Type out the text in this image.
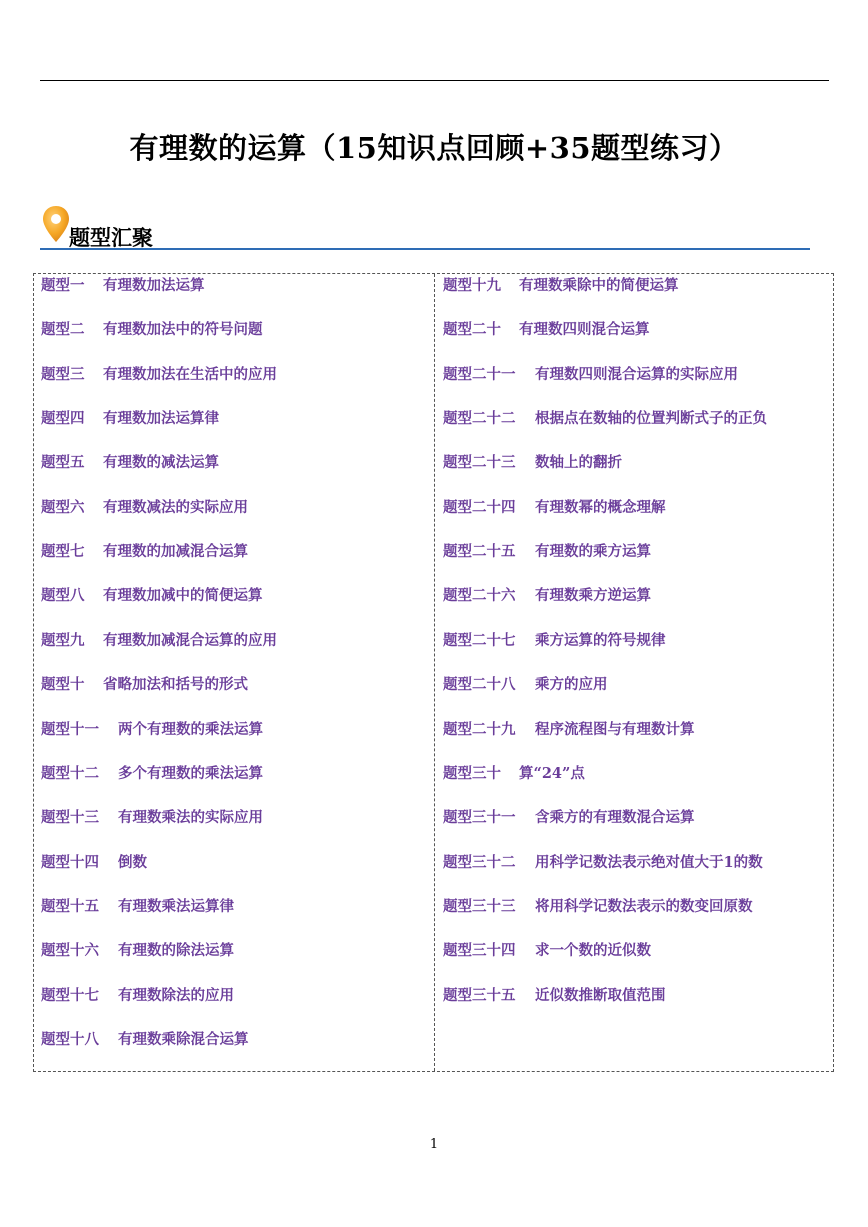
有理数的运算（15知识点回顾+35题型练习）
题型汇聚
题型一 有理数加法运算
题型二 有理数加法中的符号问题
题型三 有理数加法在生活中的应用
题型四 有理数加法运算律
题型五 有理数的减法运算
题型六 有理数减法的实际应用
题型七 有理数的加减混合运算
题型八 有理数加减中的简便运算
题型九 有理数加减混合运算的应用
题型十 省略加法和括号的形式
题型十一 两个有理数的乘法运算
题型十二 多个有理数的乘法运算
题型十三 有理数乘法的实际应用
题型十四 倒数
题型十五 有理数乘法运算律
题型十六 有理数的除法运算
题型十七 有理数除法的应用
题型十八 有理数乘除混合运算
题型十九 有理数乘除中的简便运算
题型二十 有理数四则混合运算
题型二十一 有理数四则混合运算的实际应用
题型二十二 根据点在数轴的位置判断式子的正负
题型二十三 数轴上的翻折
题型二十四 有理数幂的概念理解
题型二十五 有理数的乘方运算
题型二十六 有理数乘方逆运算
题型二十七 乘方运算的符号规律
题型二十八 乘方的应用
题型二十九 程序流程图与有理数计算
题型三十 算“24”点
题型三十一 含乘方的有理数混合运算
题型三十二 用科学记数法表示绝对值大于1的数
题型三十三 将用科学记数法表示的数变回原数
题型三十四 求一个数的近似数
题型三十五 近似数推断取值范围
1
